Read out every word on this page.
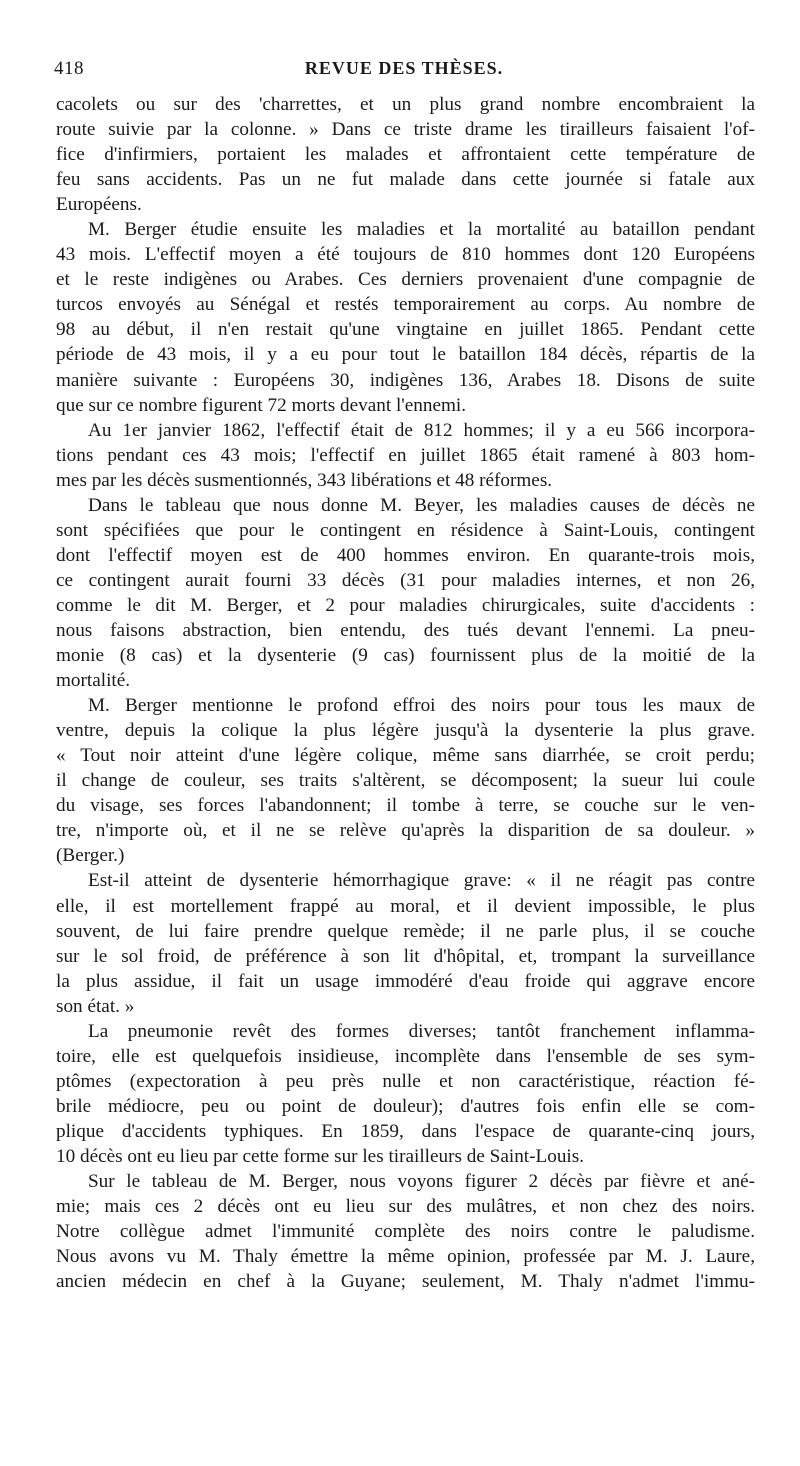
418	REVUE DES THÈSES.
cacolets ou sur des 'charrettes, et un plus grand nombre encombraient la
route suivie par la colonne. » Dans ce triste drame les tirailleurs faisaient l'of-
fice d'infirmiers, portaient les malades et affrontaient cette température de
feu sans accidents. Pas un ne fut malade dans cette journée si fatale aux
Européens.
M. Berger étudie ensuite les maladies et la mortalité au bataillon pendant
43 mois. L'effectif moyen a été toujours de 810 hommes dont 120 Européens
et le reste indigènes ou Arabes. Ces derniers provenaient d'une compagnie de
turcos envoyés au Sénégal et restés temporairement au corps. Au nombre de
98 au début, il n'en restait qu'une vingtaine en juillet 1865. Pendant cette
période de 43 mois, il y a eu pour tout le bataillon 184 décès, répartis de la
manière suivante : Européens 30, indigènes 136, Arabes 18. Disons de suite
que sur ce nombre figurent 72 morts devant l'ennemi.
Au 1er janvier 1862, l'effectif était de 812 hommes; il y a eu 566 incorpora-
tions pendant ces 43 mois; l'effectif en juillet 1865 était ramené à 803 hom-
mes par les décès susmentionnés, 343 libérations et 48 réformes.
Dans le tableau que nous donne M. Beyer, les maladies causes de décès ne
sont spécifiées que pour le contingent en résidence à Saint-Louis, contingent
dont l'effectif moyen est de 400 hommes environ. En quarante-trois mois,
ce contingent aurait fourni 33 décès (31 pour maladies internes, et non 26,
comme le dit M. Berger, et 2 pour maladies chirurgicales, suite d'accidents :
nous faisons abstraction, bien entendu, des tués devant l'ennemi. La pneu-
monie (8 cas) et la dysenterie (9 cas) fournissent plus de la moitié de la
mortalité.
M. Berger mentionne le profond effroi des noirs pour tous les maux de
ventre, depuis la colique la plus légère jusqu'à la dysenterie la plus grave.
« Tout noir atteint d'une légère colique, même sans diarrhée, se croit perdu;
il change de couleur, ses traits s'altèrent, se décomposent; la sueur lui coule
du visage, ses forces l'abandonnent; il tombe à terre, se couche sur le ven-
tre, n'importe où, et il ne se relève qu'après la disparition de sa douleur. »
(Berger.)
Est-il atteint de dysenterie hémorrhagique grave: « il ne réagit pas contre
elle, il est mortellement frappé au moral, et il devient impossible, le plus
souvent, de lui faire prendre quelque remède; il ne parle plus, il se couche
sur le sol froid, de préférence à son lit d'hôpital, et, trompant la surveillance
la plus assidue, il fait un usage immodéré d'eau froide qui aggrave encore
son état. »
La pneumonie revêt des formes diverses; tantôt franchement inflamma-
toire, elle est quelquefois insidieuse, incomplète dans l'ensemble de ses sym-
ptômes (expectoration à peu près nulle et non caractéristique, réaction fé-
brile médiocre, peu ou point de douleur); d'autres fois enfin elle se com-
plique d'accidents typhiques. En 1859, dans l'espace de quarante-cinq jours,
10 décès ont eu lieu par cette forme sur les tirailleurs de Saint-Louis.
Sur le tableau de M. Berger, nous voyons figurer 2 décès par fièvre et ané-
mie; mais ces 2 décès ont eu lieu sur des mulâtres, et non chez des noirs.
Notre collègue admet l'immunité complète des noirs contre le paludisme.
Nous avons vu M. Thaly émettre la même opinion, professée par M. J. Laure,
ancien médecin en chef à la Guyane; seulement, M. Thaly n'admet l'immu-
